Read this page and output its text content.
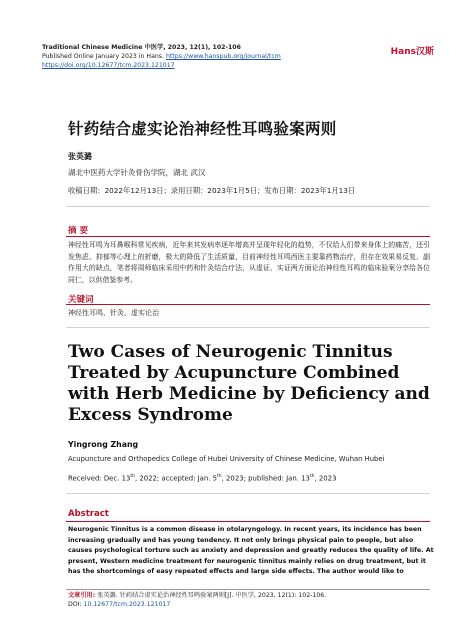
Traditional Chinese Medicine 中医学, 2023, 12(1), 102-106
Published Online January 2023 in Hans. https://www.hanspub.org/journal/tcm
https://doi.org/10.12677/tcm.2023.121017
Hans汉斯
针药结合虚实论治神经性耳鸣验案两则
张英潞
湖北中医药大学针灸骨伤学院，湖北 武汉
收稿日期：2022年12月13日；录用日期：2023年1月5日；发布日期：2023年1月13日
摘 要
神经性耳鸣为耳鼻喉科常见疾病，近年来其发病率逐年增高并呈现年轻化的趋势，不仅给人们带来身体上的痛苦，还引发焦虑、抑郁等心理上的折磨，极大的降低了生活质量，目前神经性耳鸣西医主要靠药物治疗，但存在效果易反复、副作用大的缺点，笔者将周师临床采用中药和针灸结合疗法，从虚证、实证两方面论治神经性耳鸣的临床验案分享给各位同仁，以供借鉴参考。
关键词
神经性耳鸣，针灸，虚实论治
Two Cases of Neurogenic Tinnitus Treated by Acupuncture Combined with Herb Medicine by Deficiency and Excess Syndrome
Yingrong Zhang
Acupuncture and Orthopedics College of Hubei University of Chinese Medicine, Wuhan Hubei
Received: Dec. 13th, 2022; accepted: Jan. 5th, 2023; published: Jan. 13th, 2023
Abstract
Neurogenic Tinnitus is a common disease in otolaryngology. In recent years, its incidence has been increasing gradually and has young tendency. It not only brings physical pain to people, but also causes psychological torture such as anxiety and depression and greatly reduces the quality of life. At present, Western medicine treatment for neurogenic tinnitus mainly relies on drug treatment, but it has the shortcomings of easy repeated effects and large side effects. The author would like to
文章引用: 张英潞. 针药结合虚实论治神经性耳鸣验案两则[J]. 中医学, 2023, 12(1): 102-106.
DOI: 10.12677/tcm.2023.121017
